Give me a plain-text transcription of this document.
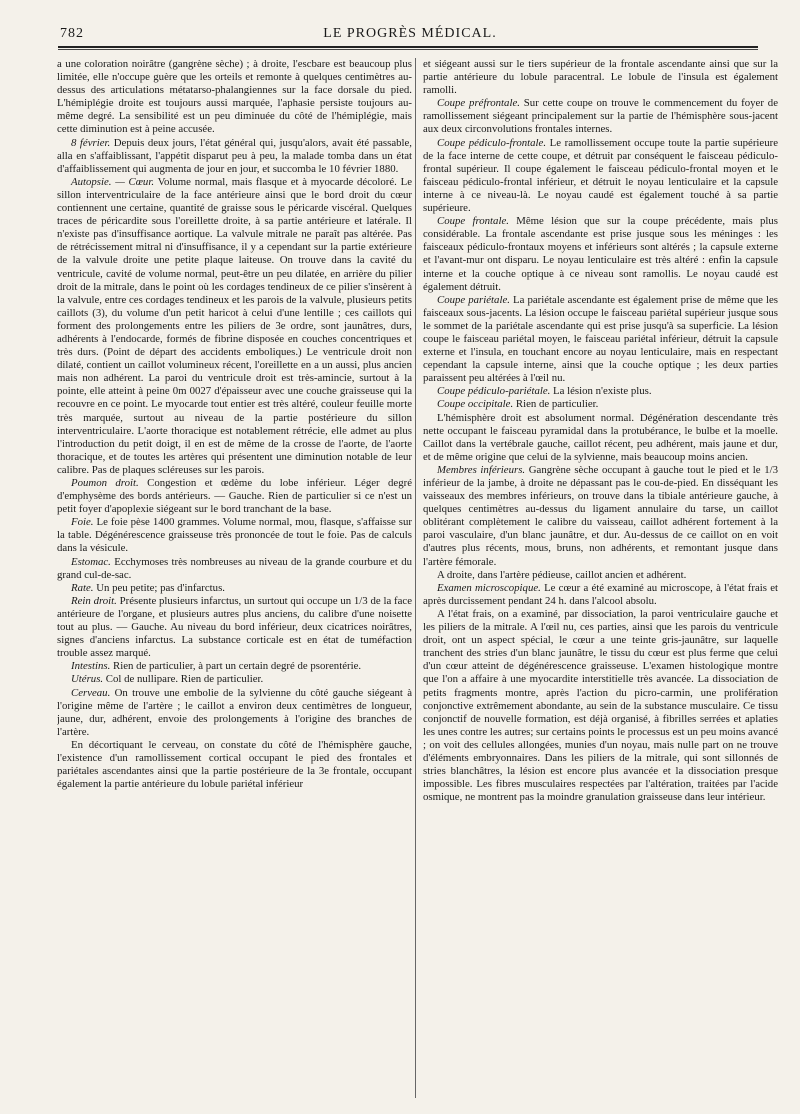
782	LE PROGRÈS MÉDICAL.

a une coloration noirâtre (gangrène sèche) ; à droite, l'escbare est beaucoup plus limitée, elle n'occupe guère que les orteils et remonte à quelques centimètres au-dessus des articulations métatarso-phalangiennes sur la face dorsale du pied. L'hémiplégie droite est toujours aussi marquée, l'aphasie persiste toujours au-même degré. La sensibilité est un peu diminuée du côté de l'hémiplégie, mais cette diminution est à peine accusée.

8 février. Depuis deux jours, l'état général qui, jusqu'alors, avait été passable, alla en s'affaiblissant, l'appétit disparut peu à peu, la malade tomba dans un état d'affaiblissement qui augmenta de jour en jour, et succomba le 10 février 1880.

Autopsie. — Cœur. Volume normal, mais flasque et à myocarde décoloré. Le sillon interventriculaire de la face antérieure ainsi que le bord droit du cœur contiennent une certaine, quantité de graisse sous le péricarde viscéral. Quelques traces de péricardite sous l'oreillette droite, à sa partie antérieure et latérale. Il n'existe pas d'insuffisance aortique. La valvule mitrale ne paraît pas altérée. Pas de rétrécissement mitral ni d'insuffisance, il y a cependant sur la partie extérieure de la valvule droite une petite plaque laiteuse. On trouve dans la cavité du ventricule, cavité de volume normal, peut-être un peu dilatée, en arrière du pilier droit de la mitrale, dans le point où les cordages tendineux de ce pilier s'insèrent à la valvule, entre ces cordages tendineux et les parois de la valvule, plusieurs petits caillots (3), du volume d'un petit haricot à celui d'une lentille ; ces caillots qui forment des prolongements entre les piliers de 3e ordre, sont jaunâtres, durs, adhérents à l'endocarde, formés de fibrine disposée en couches concentriques et très durs. (Point de départ des accidents emboliques.) Le ventricule droit non dilaté, contient un caillot volumineux récent, l'oreillette en a un aussi, plus ancien mais non adhérent. La paroi du ventricule droit est très-amincie, surtout à la pointe, elle atteint à peine 0m 0027 d'épaisseur avec une couche graisseuse qui la recouvre en ce point. Le myocarde tout entier est très altéré, couleur feuille morte très marquée, surtout au niveau de la partie postérieure du sillon interventriculaire. L'aorte thoracique est notablement rétrécie, elle admet au plus l'introduction du petit doigt, il en est de même de la crosse de l'aorte, de l'aorte thoracique, et de toutes les artères qui présentent une diminution notable de leur calibre. Pas de plaques scléreuses sur les parois.

Poumon droit. Congestion et œdème du lobe inférieur. Léger degré d'emphysème des bords antérieurs. — Gauche. Rien de particulier si ce n'est un petit foyer d'apoplexie siégeant sur le bord tranchant de la base.

Foie. Le foie pèse 1400 grammes. Volume normal, mou, flasque, s'affaisse sur la table. Dégénérescence graisseuse très prononcée de tout le foie. Pas de calculs dans la vésicule.

Estomac. Ecchymoses très nombreuses au niveau de la grande courbure et du grand cul-de-sac.

Rate. Un peu petite; pas d'infarctus.

Rein droit. Présente plusieurs infarctus, un surtout qui occupe un 1/3 de la face antérieure de l'organe, et plusieurs autres plus anciens, du calibre d'une noisette tout au plus. — Gauche. Au niveau du bord inférieur, deux cicatrices noirâtres, signes d'anciens infarctus. La substance corticale est en état de tuméfaction trouble assez marqué.

Intestins. Rien de particulier, à part un certain degré de psorentérie.

Utérus. Col de nullipare. Rien de particulier.

Cerveau. On trouve une embolie de la sylvienne du côté gauche siégeant à l'origine même de l'artère ; le caillot a environ deux centimètres de longueur, jaune, dur, adhérent, envoie des prolongements à l'origine des branches de l'artère.

En décortiquant le cerveau, on constate du côté de l'hémisphère gauche, l'existence d'un ramollissement cortical occupant le pied des frontales et pariétales ascendantes ainsi que la partie postérieure de la 3e frontale, occupant également la partie antérieure du lobule pariétal inférieur

et siégeant aussi sur le tiers supérieur de la frontale ascendante ainsi que sur la partie antérieure du lobule paracentral. Le lobule de l'insula est également ramolli.

Coupe préfrontale. Sur cette coupe on trouve le commencement du foyer de ramollissement siégeant principalement sur la partie de l'hémisphère sous-jacent aux deux circonvolutions frontales internes.

Coupe pédiculo-frontale. Le ramollissement occupe toute la partie supérieure de la face interne de cette coupe, et détruit par conséquent le faisceau pédiculo-frontal supérieur. Il coupe également le faisceau pédiculo-frontal moyen et le faisceau pédiculo-frontal inférieur, et détruit le noyau lenticulaire et la capsule interne à ce niveau-là. Le noyau caudé est également touché à sa partie supérieure.

Coupe frontale. Même lésion que sur la coupe précédente, mais plus considérable. La frontale ascendante est prise jusque sous les méninges : les faisceaux pédiculo-frontaux moyens et inférieurs sont altérés ; la capsule externe et l'avant-mur ont disparu. Le noyau lenticulaire est très altéré : enfin la capsule interne et la couche optique à ce niveau sont ramollis. Le noyau caudé est également détruit.

Coupe pariétale. La pariétale ascendante est également prise de même que les faisceaux sous-jacents. La lésion occupe le faisceau pariétal supérieur jusque sous le sommet de la pariétale ascendante qui est prise jusqu'à sa superficie. La lésion coupe le faisceau pariétal moyen, le faisceau pariétal inférieur, détruit la capsule externe et l'insula, en touchant encore au noyau lenticulaire, mais en respectant cependant la capsule interne, ainsi que la couche optique ; les deux parties paraissent peu altérées à l'œil nu.

Coupe pédiculo-pariétale. La lésion n'existe plus.

Coupe occipitale. Rien de particulier.

L'hémisphère droit est absolument normal. Dégénération descendante très nette occupant le faisceau pyramidal dans la protubérance, le bulbe et la moelle. Caillot dans la vertébrale gauche, caillot récent, peu adhérent, mais jaune et dur, et de même origine que celui de la sylvienne, mais beaucoup moins ancien.

Membres inférieurs. Gangrène sèche occupant à gauche tout le pied et le 1/3 inférieur de la jambe, à droite ne dépassant pas le cou-de-pied. En disséquant les vaisseaux des membres inférieurs, on trouve dans la tibiale antérieure gauche, à quelques centimètres au-dessus du ligament annulaire du tarse, un caillot oblitérant complètement le calibre du vaisseau, caillot adhérent fortement à la paroi vasculaire, d'un blanc jaunâtre, et dur. Au-dessus de ce caillot on en voit d'autres plus récents, mous, bruns, non adhérents, et remontant jusque dans l'artère fémorale.

A droite, dans l'artère pédieuse, caillot ancien et adhérent.

Examen microscopique. Le cœur a été examiné au microscope, à l'état frais et après durcissement pendant 24 h. dans l'alcool absolu.

A l'état frais, on a examiné, par dissociation, la paroi ventriculaire gauche et les piliers de la mitrale. A l'œil nu, ces parties, ainsi que les parois du ventricule droit, ont un aspect spécial, le cœur a une teinte gris-jaunâtre, sur laquelle tranchent des stries d'un blanc jaunâtre, le tissu du cœur est plus ferme que celui d'un cœur atteint de dégénérescence graisseuse. L'examen histologique montre que l'on a affaire à une myocardite interstitielle très avancée. La dissociation de petits fragments montre, après l'action du picro-carmin, une prolifération conjonctive extrêmement abondante, au sein de la substance musculaire. Ce tissu conjonctif de nouvelle formation, est déjà organisé, à fibrilles serrées et aplaties les unes contre les autres; sur certains points le processus est un peu moins avancé ; on voit des cellules allongées, munies d'un noyau, mais nulle part on ne trouve d'éléments embryonnaires. Dans les piliers de la mitrale, qui sont sillonnés de stries blanchâtres, la lésion est encore plus avancée et la dissociation presque impossible. Les fibres musculaires respectées par l'altération, traitées par l'acide osmique, ne montrent pas la moindre granulation graisseuse dans leur intérieur.
